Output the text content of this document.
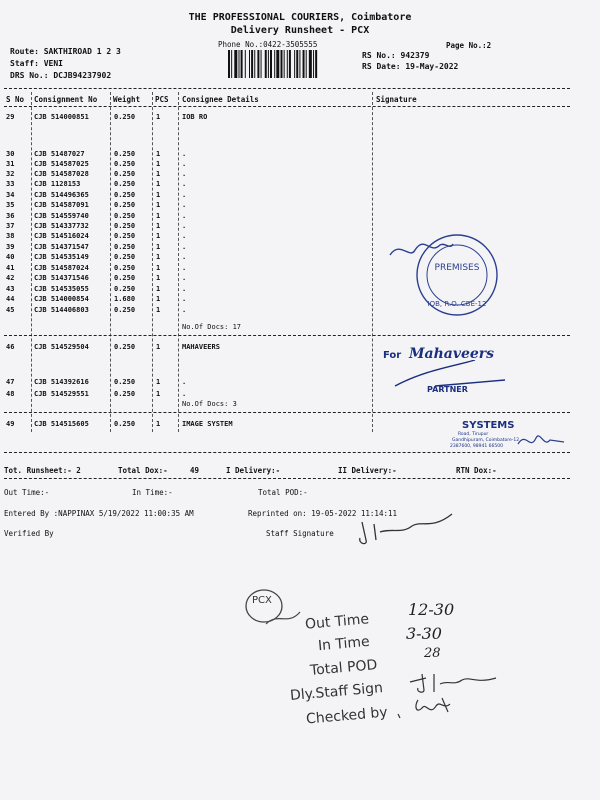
THE PROFESSIONAL COURIERS, Coimbatore
Delivery Runsheet - PCX
Phone No.:0422-3505555	Page No.:2
Route: SAKTHIROAD 1 2 3
Staff: VENI
DRS No.: DCJB94237902
RS No.: 942379
RS Date: 19-May-2022
S No Consignment No Weight PCS Consignee Details	Signature
29	CJB 514000851	0.250	1	IOB RO
30	CJB 51487027	0.250	1	.
31	CJB 514587025	0.250	1	.
32	CJB 514587028	0.250	1	.
33	CJB 1128153	0.250	1	.
34	CJB 514496365	0.250	1	.
35	CJB 514587091	0.250	1	.
36	CJB 514559740	0.250	1	.
37	CJB 514337732	0.250	1	.
38	CJB 514516024	0.250	1	.
39	CJB 514371547	0.250	1	.
40	CJB 514535149	0.250	1	.
41	CJB 514587024	0.250	1	.
42	CJB 514371546	0.250	1	.
43	CJB 514535055	0.250	1	.
44	CJB 514000854	1.680	1	.
45	CJB 514406803	0.250	1	.
46	CJB 514529504	0.250	1	MAHAVEERS
47	CJB 514392616	0.250	1	.
48	CJB 514529551	0.250	1	.
49	CJB 514515605	0.250	1	IMAGE SYSTEM
No.Of Docs: 17
No.Of Docs: 3
IOB, R.O. CBE-12
PREMISES
For Mahaveers
PARTNER
SYSTEMS
Road, Tirupur
Gandhipuram, Coimbatore-12
2387600, 98941 66500
Tot. Runsheet:- 2	Total Dox:-	49	I Delivery:-	II Delivery:-	RTN Dox:-
Out Time:-	In Time:-	Total POD:-
Entered By :NAPPINAX 5/19/2022 11:00:35 AM	Reprinted on: 19-05-2022 11:14:11
Verified By	Staff Signature
PCX
Out Time
12-30
In Time
3-30
Total POD
28
Dly.Staff Sign
Checked by
